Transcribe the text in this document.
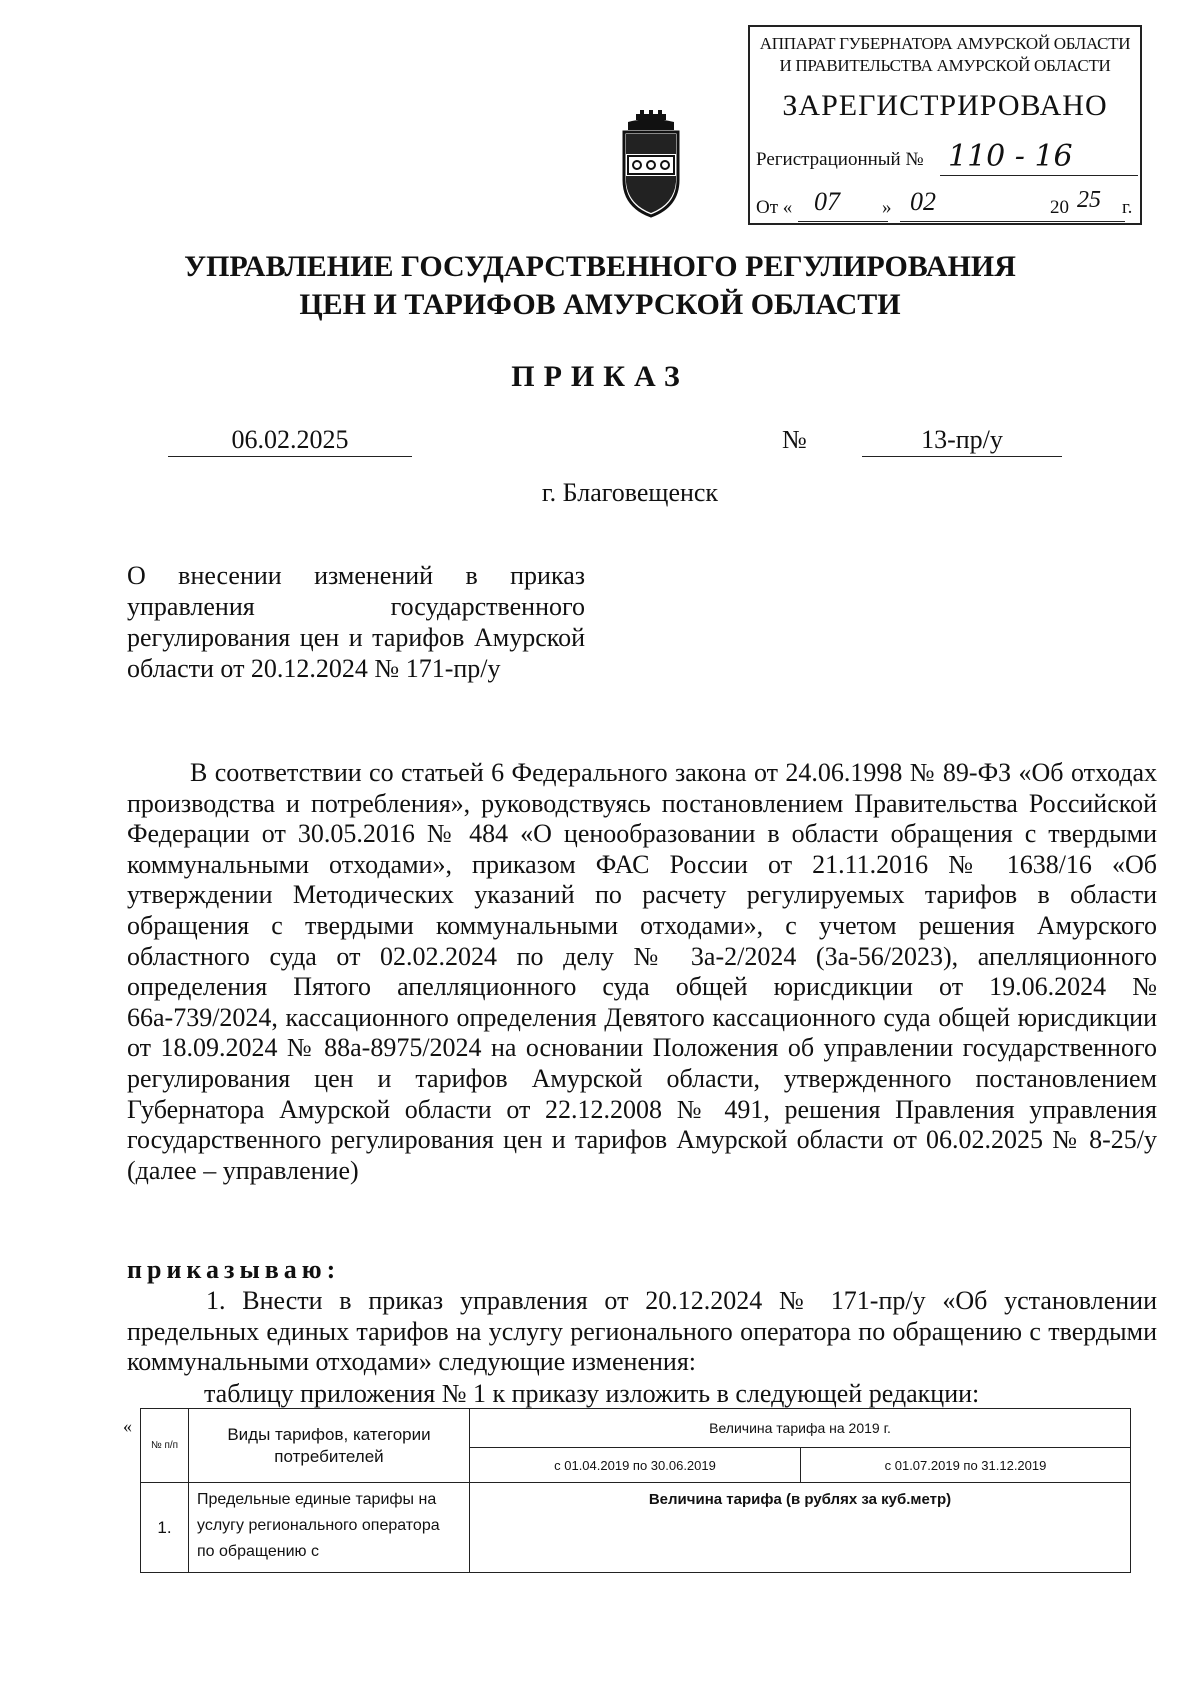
АППАРАТ ГУБЕРНАТОРА АМУРСКОЙ ОБЛАСТИ
И ПРАВИТЕЛЬСТВА АМУРСКОЙ ОБЛАСТИ
ЗАРЕГИСТРИРОВАНО
Регистрационный № 110 - 16
От « 07 » 02	20 25 г.
УПРАВЛЕНИЕ ГОСУДАРСТВЕННОГО РЕГУЛИРОВАНИЯ
ЦЕН И ТАРИФОВ АМУРСКОЙ ОБЛАСТИ
ПРИКАЗ
06.02.2025	№	13-пр/у
г. Благовещенск
О внесении изменений в приказ управления государственного регулирования цен и тарифов Амурской области от 20.12.2024 № 171-пр/у
В соответствии со статьей 6 Федерального закона от 24.06.1998 № 89-ФЗ «Об отходах производства и потребления», руководствуясь постановлением Правительства Российской Федерации от 30.05.2016 № 484 «О ценообразовании в области обращения с твердыми коммунальными отходами», приказом ФАС России от 21.11.2016 № 1638/16 «Об утверждении Методических указаний по расчету регулируемых тарифов в области обращения с твердыми коммунальными отходами», с учетом решения Амурского областного суда от 02.02.2024 по делу № 3а-2/2024 (3а-56/2023), апелляционного определения Пятого апелляционного суда общей юрисдикции от 19.06.2024 № 66а-739/2024, кассационного определения Девятого кассационного суда общей юрисдикции от 18.09.2024 № 88а-8975/2024 на основании Положения об управлении государственного регулирования цен и тарифов Амурской области, утвержденного постановлением Губернатора Амурской области от 22.12.2008 № 491, решения Правления управления государственного регулирования цен и тарифов Амурской области от 06.02.2025 № 8-25/у (далее – управление)
приказываю:
1. Внести в приказ управления от 20.12.2024 № 171-пр/у «Об установлении предельных единых тарифов на услугу регионального оператора по обращению с твердыми коммунальными отходами» следующие изменения:
таблицу приложения № 1 к приказу изложить в следующей редакции:
«
№ п/п	Виды тарифов, категории потребителей	Величина тарифа на 2019 г.	
		с 01.04.2019 по 30.06.2019	с 01.07.2019 по 31.12.2019
1.	Предельные единые тарифы на услугу регионального оператора по обращению с	Величина тарифа (в рублях за куб.метр)	
